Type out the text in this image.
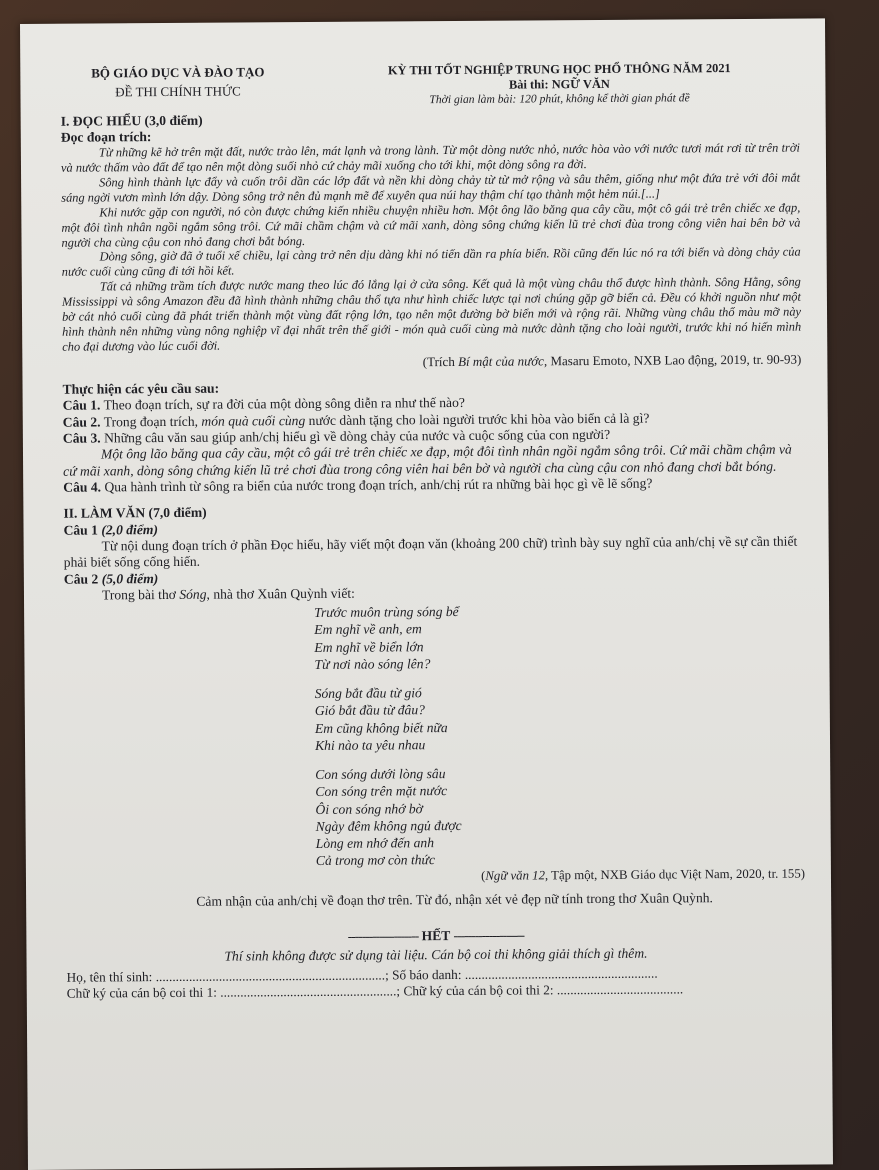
BỘ GIÁO DỤC VÀ ĐÀO TẠO
ĐỀ THI CHÍNH THỨC
KỲ THI TỐT NGHIỆP TRUNG HỌC PHỔ THÔNG NĂM 2021
Bài thi: NGỮ VĂN
Thời gian làm bài: 120 phút, không kể thời gian phát đề
I. ĐỌC HIỂU (3,0 điểm)
Đọc đoạn trích:

Từ những kẽ hở trên mặt đất, nước trào lên, mát lạnh và trong lành. Từ một dòng nước nhỏ, nước hòa vào với nước tươi mát rơi từ trên trời và nước thấm vào đất để tạo nên một dòng suối nhỏ cứ chảy mãi xuống cho tới khi, một dòng sông ra đời.

Sông hình thành lực đẩy và cuốn trôi dần các lớp đất và nền khi dòng chảy từ từ mở rộng và sâu thêm, giống như một đứa trẻ với đôi mắt sáng ngời vươn mình lớn dậy. Dòng sông trở nên đủ mạnh mẽ để xuyên qua núi hay thậm chí tạo thành một hẻm núi.[...]

Khi nước gặp con người, nó còn được chứng kiến nhiều chuyện nhiều hơn. Một ông lão băng qua cây cầu, một cô gái trẻ trên chiếc xe đạp, một đôi tình nhân ngồi ngắm sông trôi. Cứ mãi chầm chậm và cứ mãi xanh, dòng sông chứng kiến lũ trẻ chơi đùa trong công viên hai bên bờ và người cha cùng cậu con nhỏ đang chơi bắt bóng.

Dòng sông, giờ đã ở tuổi xế chiều, lại càng trở nên dịu dàng khi nó tiến dần ra phía biển. Rồi cũng đến lúc nó ra tới biển và dòng chảy của nước cuối cùng cũng đi tới hồi kết.

Tất cả những trầm tích được nước mang theo lúc đó lắng lại ở cửa sông. Kết quả là một vùng châu thổ được hình thành. Sông Hằng, sông Mississippi và sông Amazon đều đã hình thành những châu thổ tựa như hình chiếc lược tại nơi chúng gặp gỡ biển cả. Đều có khởi nguồn như một bờ cát nhỏ cuối cùng đã phát triển thành một vùng đất rộng lớn, tạo nên một đường bờ biển mới và rộng rãi. Những vùng châu thổ màu mỡ này hình thành nên những vùng nông nghiệp vĩ đại nhất trên thế giới - món quà cuối cùng mà nước dành tặng cho loài người, trước khi nó hiến mình cho đại dương vào lúc cuối đời.

(Trích Bí mật của nước, Masaru Emoto, NXB Lao động, 2019, tr. 90-93)
Thực hiện các yêu cầu sau:

Câu 1. Theo đoạn trích, sự ra đời của một dòng sông diễn ra như thế nào?

Câu 2. Trong đoạn trích, món quà cuối cùng nước dành tặng cho loài người trước khi hòa vào biển cả là gì?

Câu 3. Những câu văn sau giúp anh/chị hiểu gì về dòng chảy của nước và cuộc sống của con người?

Một ông lão băng qua cây cầu, một cô gái trẻ trên chiếc xe đạp, một đôi tình nhân ngồi ngắm sông trôi. Cứ mãi chầm chậm và cứ mãi xanh, dòng sông chứng kiến lũ trẻ chơi đùa trong công viên hai bên bờ và người cha cùng cậu con nhỏ đang chơi bắt bóng.

Câu 4. Qua hành trình từ sông ra biển của nước trong đoạn trích, anh/chị rút ra những bài học gì về lẽ sống?

II. LÀM VĂN (7,0 điểm)
Câu 1 (2,0 điểm)

Từ nội dung đoạn trích ở phần Đọc hiểu, hãy viết một đoạn văn (khoảng 200 chữ) trình bày suy nghĩ của anh/chị về sự cần thiết phải biết sống cống hiến.

Câu 2 (5,0 điểm)

Trong bài thơ Sóng, nhà thơ Xuân Quỳnh viết:

Trước muôn trùng sóng bể
Em nghĩ về anh, em
Em nghĩ về biển lớn
Từ nơi nào sóng lên?
Sóng bắt đầu từ gió
Gió bắt đầu từ đâu?
Em cũng không biết nữa
Khi nào ta yêu nhau
Con sóng dưới lòng sâu
Con sóng trên mặt nước
Ôi con sóng nhớ bờ
Ngày đêm không ngủ được
Lòng em nhớ đến anh
Cả trong mơ còn thức
(Ngữ văn 12, Tập một, NXB Giáo dục Việt Nam, 2020, tr. 155)

Cảm nhận của anh/chị về đoạn thơ trên. Từ đó, nhận xét vẻ đẹp nữ tính trong thơ Xuân Quỳnh.

-------------------- HẾT --------------------
Thí sinh không được sử dụng tài liệu. Cán bộ coi thi không giải thích gì thêm.
Họ, tên thí sinh: .....................................................................; Số báo danh: ..........................................................
Chữ ký của cán bộ coi thi 1: .....................................................; Chữ ký của cán bộ coi thi 2: ......................................
